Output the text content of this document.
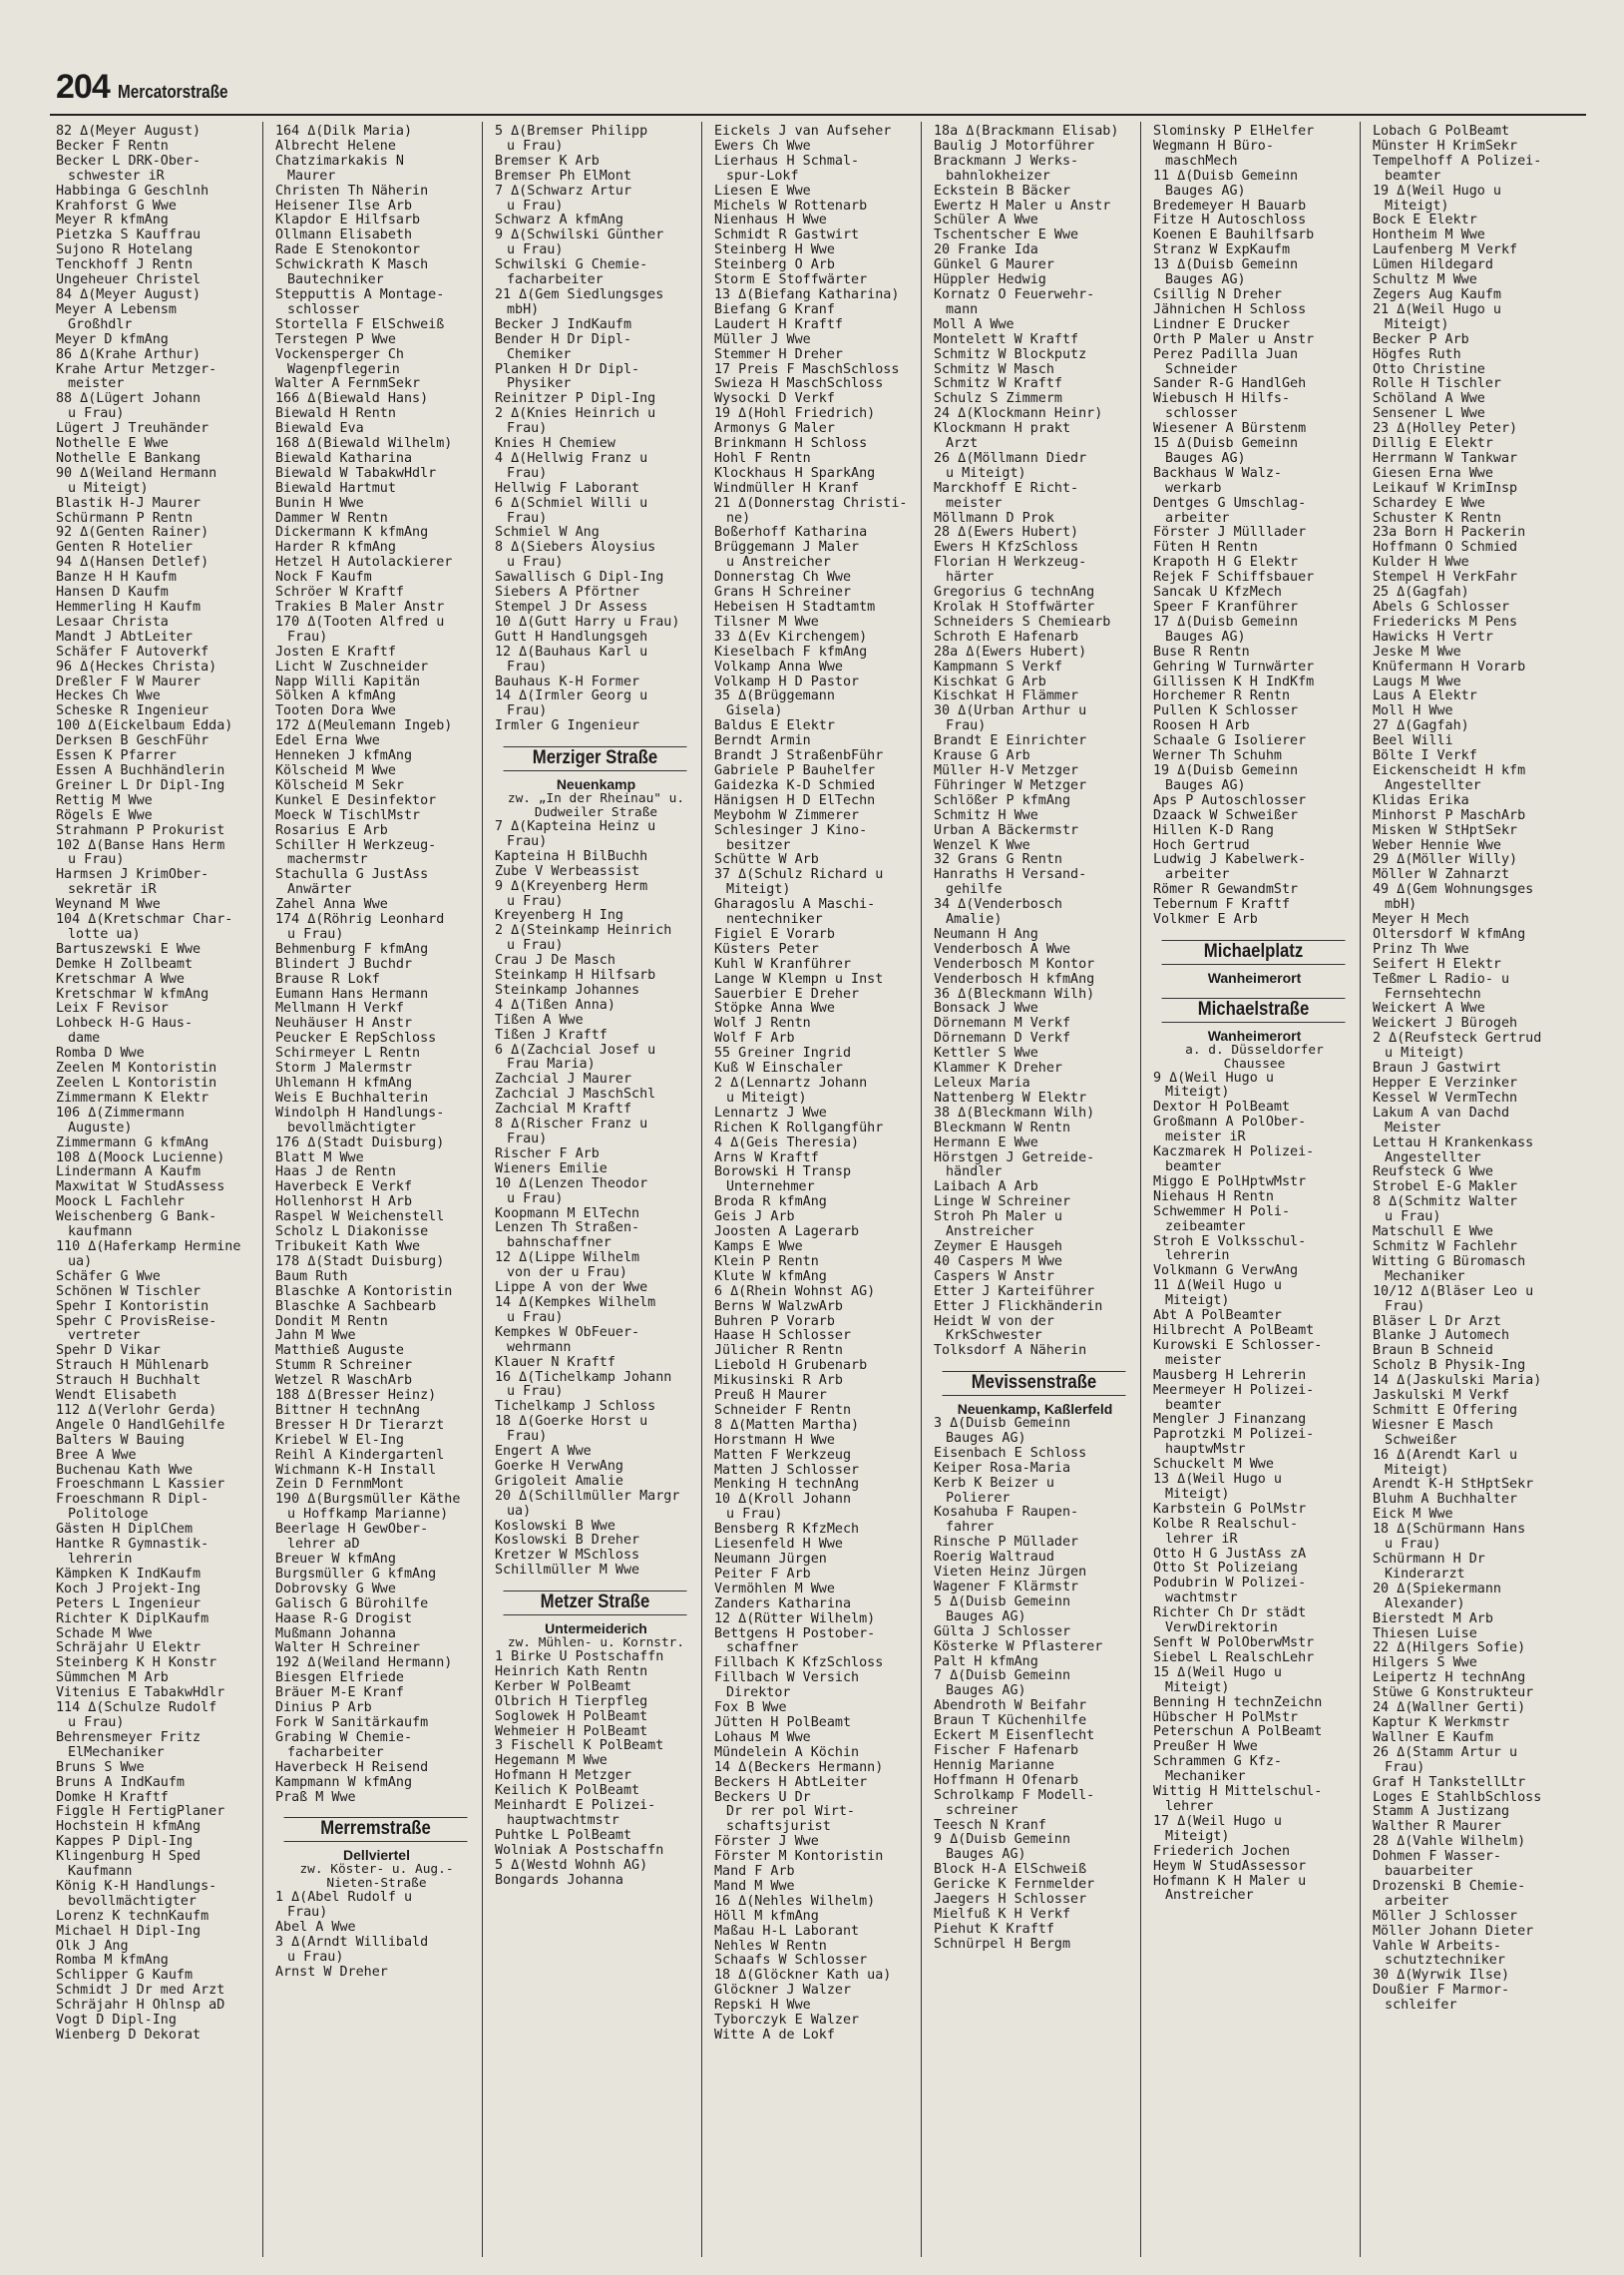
204 Mercatorstraße
82 Δ(Meyer August)
Becker F Rentn
Becker L DRK-Ober-
schwester iR
Habbinga G Geschlnh
Krahforst G Wwe
Meyer R kfmAng
Pietzka S Kauffrau
Sujono R Hotelang
Tenckhoff J Rentn
Ungeheuer Christel
84 Δ(Meyer August)
Meyer A Lebensm
Großhdlr
Meyer D kfmAng
86 Δ(Krahe Arthur)
Krahe Artur Metzger-
meister
88 Δ(Lügert Johann
u Frau)
Lügert J Treuhänder
Nothelle E Wwe
Nothelle E Bankang
90 Δ(Weiland Hermann
u Miteigt)
Blastik H-J Maurer
Schürmann P Rentn
92 Δ(Genten Rainer)
Genten R Hotelier
94 Δ(Hansen Detlef)
Banze H H Kaufm
Hansen D Kaufm
Hemmerling H Kaufm
Lesaar Christa
Mandt J AbtLeiter
Schäfer F Autoverkf
96 Δ(Heckes Christa)
Dreßler F W Maurer
Heckes Ch Wwe
Scheske R Ingenieur
100 Δ(Eickelbaum Edda)
Derksen B GeschFühr
Essen K Pfarrer
Essen A Buchhändlerin
Greiner L Dr Dipl-Ing
Rettig M Wwe
Rögels E Wwe
Strahmann P Prokurist
102 Δ(Banse Hans Herm
u Frau)
Harmsen J KrimOber-
sekretär iR
Weynand M Wwe
104 Δ(Kretschmar Char-
lotte ua)
Bartuszewski E Wwe
Demke H Zollbeamt
Kretschmar A Wwe
Kretschmar W kfmAng
Leix F Revisor
Lohbeck H-G Haus-
dame
Romba D Wwe
Zeelen M Kontoristin
Zeelen L Kontoristin
Zimmermann K Elektr
106 Δ(Zimmermann
Auguste)
Zimmermann G kfmAng
108 Δ(Moock Lucienne)
Lindermann A Kaufm
Maxwitat W StudAssess
Moock L Fachlehr
Weischenberg G Bank-
kaufmann
110 Δ(Haferkamp Hermine
ua)
Schäfer G Wwe
Schönen W Tischler
Spehr I Kontoristin
Spehr C ProvisReise-
vertreter
Spehr D Vikar
Strauch H Mühlenarb
Strauch H Buchhalt
Wendt Elisabeth
112 Δ(Verlohr Gerda)
Angele O HandlGehilfe
Balters W Bauing
Bree A Wwe
Buchenau Kath Wwe
Froeschmann L Kassier
Froeschmann R Dipl-
Politologe
Gästen H DiplChem
Hantke R Gymnastik-
lehrerin
Kämpken K IndKaufm
Koch J Projekt-Ing
Peters L Ingenieur
Richter K DiplKaufm
Schade M Wwe
Schräjahr U Elektr
Steinberg K H Konstr
Sümmchen M Arb
Vitenius E TabakwHdlr
114 Δ(Schulze Rudolf
u Frau)
Behrensmeyer Fritz
ElMechaniker
Bruns S Wwe
Bruns A IndKaufm
Domke H Kraftf
Figgle H FertigPlaner
Hochstein H kfmAng
Kappes P Dipl-Ing
Klingenburg H Sped
Kaufmann
König K-H Handlungs-
bevollmächtigter
Lorenz K technKaufm
Michael H Dipl-Ing
Olk J Ang
Romba M kfmAng
Schlipper G Kaufm
Schmidt J Dr med Arzt
Schräjahr H Ohlnsp aD
Vogt D Dipl-Ing
Wienberg D Dekorat
164 Δ(Dilk Maria)
Albrecht Helene
Chatzimarkakis N
Maurer
Christen Th Näherin
Heisener Ilse Arb
Klapdor E Hilfsarb
Ollmann Elisabeth
Rade E Stenokontor
Schwickrath K Masch
Bautechniker
Stepputtis A Montage-
schlosser
Stortella F ElSchweiß
Terstegen P Wwe
Vockensperger Ch
Wagenpflegerin
Walter A FernmSekr
166 Δ(Biewald Hans)
Biewald H Rentn
Biewald Eva
168 Δ(Biewald Wilhelm)
Biewald Katharina
Biewald W TabakwHdlr
Biewald Hartmut
Bunin H Wwe
Dammer W Rentn
Dickermann K kfmAng
Harder R kfmAng
Hetzel H Autolackierer
Nock F Kaufm
Schröer W Kraftf
Trakies B Maler Anstr
170 Δ(Tooten Alfred u
Frau)
Josten E Kraftf
Licht W Zuschneider
Napp Willi Kapitän
Sölken A kfmAng
Tooten Dora Wwe
172 Δ(Meulemann Ingeb)
Edel Erna Wwe
Henneken J kfmAng
Kölscheid M Wwe
Kölscheid M Sekr
Kunkel E Desinfektor
Moeck W TischlMstr
Rosarius E Arb
Schiller H Werkzeug-
machermstr
Stachulla G JustAss
Anwärter
Zahel Anna Wwe
174 Δ(Röhrig Leonhard
u Frau)
Behmenburg F kfmAng
Blindert J Buchdr
Brause R Lokf
Eumann Hans Hermann
Mellmann H Verkf
Neuhäuser H Anstr
Peucker E RepSchloss
Schirmeyer L Rentn
Storm J Malermstr
Uhlemann H kfmAng
Weis E Buchhalterin
Windolph H Handlungs-
bevollmächtigter
176 Δ(Stadt Duisburg)
Blatt M Wwe
Haas J de Rentn
Haverbeck E Verkf
Hollenhorst H Arb
Raspel W Weichenstell
Scholz L Diakonisse
Tribukeit Kath Wwe
178 Δ(Stadt Duisburg)
Baum Ruth
Blaschke A Kontoristin
Blaschke A Sachbearb
Dondit M Rentn
Jahn M Wwe
Matthieß Auguste
Stumm R Schreiner
Wetzel R WaschArb
188 Δ(Bresser Heinz)
Bittner H technAng
Bresser H Dr Tierarzt
Kriebel W El-Ing
Reihl A Kindergartenl
Wichmann K-H Install
Zein D FernmMont
190 Δ(Burgsmüller Käthe
u Hoffkamp Marianne)
Beerlage H GewOber-
lehrer aD
Breuer W kfmAng
Burgsmüller G kfmAng
Dobrovsky G Wwe
Galisch G Bürohilfe
Haase R-G Drogist
Mußmann Johanna
Walter H Schreiner
192 Δ(Weiland Hermann)
Biesgen Elfriede
Bräuer M-E Kranf
Dinius P Arb
Fork W Sanitärkaufm
Grabing W Chemie-
facharbeiter
Haverbeck H Reisend
Kampmann W kfmAng
Praß M Wwe
Merremstraße
Dellviertel
zw. Köster- u. Aug.-
Nieten-Straße
1 Δ(Abel Rudolf u
Frau)
Abel A Wwe
3 Δ(Arndt Willibald
u Frau)
Arnst W Dreher
5 Δ(Bremser Philipp
u Frau)
Bremser K Arb
Bremser Ph ElMont
7 Δ(Schwarz Artur
u Frau)
Schwarz A kfmAng
9 Δ(Schwilski Günther
u Frau)
Schwilski G Chemie-
facharbeiter
21 Δ(Gem Siedlungsges
mbH)
Becker J IndKaufm
Bender H Dr Dipl-
Chemiker
Planken H Dr Dipl-
Physiker
Reinitzer P Dipl-Ing
2 Δ(Knies Heinrich u
Frau)
Knies H Chemiew
4 Δ(Hellwig Franz u
Frau)
Hellwig F Laborant
6 Δ(Schmiel Willi u
Frau)
Schmiel W Ang
8 Δ(Siebers Aloysius
u Frau)
Sawallisch G Dipl-Ing
Siebers A Pförtner
Stempel J Dr Assess
10 Δ(Gutt Harry u Frau)
Gutt H Handlungsgeh
12 Δ(Bauhaus Karl u
Frau)
Bauhaus K-H Former
14 Δ(Irmler Georg u
Frau)
Irmler G Ingenieur
Merziger Straße
Neuenkamp
zw. „In der Rheinau" u.
Dudweiler Straße
7 Δ(Kapteina Heinz u
Frau)
Kapteina H BilBuchh
Zube V Werbeassist
9 Δ(Kreyenberg Herm
u Frau)
Kreyenberg H Ing
2 Δ(Steinkamp Heinrich
u Frau)
Crau J De Masch
Steinkamp H Hilfsarb
Steinkamp Johannes
4 Δ(Tißen Anna)
Tißen A Wwe
Tißen J Kraftf
6 Δ(Zachcial Josef u
Frau Maria)
Zachcial J Maurer
Zachcial J MaschSchl
Zachcial M Kraftf
8 Δ(Rischer Franz u
Frau)
Rischer F Arb
Wieners Emilie
10 Δ(Lenzen Theodor
u Frau)
Koopmann M ElTechn
Lenzen Th Straßen-
bahnschaffner
12 Δ(Lippe Wilhelm
von der u Frau)
Lippe A von der Wwe
14 Δ(Kempkes Wilhelm
u Frau)
Kempkes W ObFeuer-
wehrmann
Klauer N Kraftf
16 Δ(Tichelkamp Johann
u Frau)
Tichelkamp J Schloss
18 Δ(Goerke Horst u
Frau)
Engert A Wwe
Goerke H VerwAng
Grigoleit Amalie
20 Δ(Schillmüller Margr
ua)
Koslowski B Wwe
Koslowski B Dreher
Kretzer W MSchloss
Schillmüller M Wwe
Metzer Straße
Untermeiderich
zw. Mühlen- u. Kornstr.
1 Birke U Postschaffn
Heinrich Kath Rentn
Kerber W PolBeamt
Olbrich H Tierpfleg
Soglowek H PolBeamt
Wehmeier H PolBeamt
3 Fischell K PolBeamt
Hegemann M Wwe
Hofmann H Metzger
Keilich K PolBeamt
Meinhardt E Polizei-
hauptwachtmstr
Puhtke L PolBeamt
Wolniak A Postschaffn
5 Δ(Westd Wohnh AG)
Bongards Johanna
Eickels J van Aufseher
Ewers Ch Wwe
Lierhaus H Schmal-
spur-Lokf
Liesen E Wwe
Michels W Rottenarb
Nienhaus H Wwe
Schmidt R Gastwirt
Steinberg H Wwe
Steinberg O Arb
Storm E Stoffwärter
13 Δ(Biefang Katharina)
Biefang G Kranf
Laudert H Kraftf
Müller J Wwe
Stemmer H Dreher
17 Preis F MaschSchloss
Swieza H MaschSchloss
Wysocki D Verkf
19 Δ(Hohl Friedrich)
Armonys G Maler
Brinkmann H Schloss
Hohl F Rentn
Klockhaus H SparkAng
Windmüller H Kranf
21 Δ(Donnerstag Christi-
ne)
Boßerhoff Katharina
Brüggemann J Maler
u Anstreicher
Donnerstag Ch Wwe
Grans H Schreiner
Hebeisen H Stadtamtm
Tilsner M Wwe
33 Δ(Ev Kirchengem)
Kieselbach F kfmAng
Volkamp Anna Wwe
Volkamp H D Pastor
35 Δ(Brüggemann
Gisela)
Baldus E Elektr
Berndt Armin
Brandt J StraßenbFühr
Gabriele P Bauhelfer
Gaidezka K-D Schmied
Hänigsen H D ElTechn
Meybohm W Zimmerer
Schlesinger J Kino-
besitzer
Schütte W Arb
37 Δ(Schulz Richard u
Miteigt)
Gharagoslu A Maschi-
nentechniker
Figiel E Vorarb
Küsters Peter
Kuhl W Kranführer
Lange W Klempn u Inst
Sauerbier E Dreher
Stöpke Anna Wwe
Wolf J Rentn
Wolf F Arb
55 Greiner Ingrid
Kuß W Einschaler
2 Δ(Lennartz Johann
u Miteigt)
Lennartz J Wwe
Richen K Rollgangführ
4 Δ(Geis Theresia)
Arns W Kraftf
Borowski H Transp
Unternehmer
Broda R kfmAng
Geis J Arb
Joosten A Lagerarb
Kamps E Wwe
Klein P Rentn
Klute W kfmAng
6 Δ(Rhein Wohnst AG)
Berns W WalzwArb
Buhren P Vorarb
Haase H Schlosser
Jülicher R Rentn
Liebold H Grubenarb
Mikusinski R Arb
Preuß H Maurer
Schneider F Rentn
8 Δ(Matten Martha)
Horstmann H Wwe
Matten F Werkzeug
Matten J Schlosser
Menking H technAng
10 Δ(Kroll Johann
u Frau)
Bensberg R KfzMech
Liesenfeld H Wwe
Neumann Jürgen
Peiter F Arb
Vermöhlen M Wwe
Zanders Katharina
12 Δ(Rütter Wilhelm)
Bettgens H Postober-
schaffner
Fillbach K KfzSchloss
Fillbach W Versich
Direktor
Fox B Wwe
Jütten H PolBeamt
Lohaus M Wwe
Mündelein A Köchin
14 Δ(Beckers Hermann)
Beckers H AbtLeiter
Beckers U Dr
Dr rer pol Wirt-
schaftsjurist
Förster J Wwe
Förster M Kontoristin
Mand F Arb
Mand M Wwe
16 Δ(Nehles Wilhelm)
Höll M kfmAng
Maßau H-L Laborant
Nehles W Rentn
Schaafs W Schlosser
18 Δ(Glöckner Kath ua)
Glöckner J Walzer
Repski H Wwe
Tyborczyk E Walzer
Witte A de Lokf
18a Δ(Brackmann Elisab)
Baulig J Motorführer
Brackmann J Werks-
bahnlokheizer
Eckstein B Bäcker
Ewertz H Maler u Anstr
Schüler A Wwe
Tschentscher E Wwe
20 Franke Ida
Günkel G Maurer
Hüppler Hedwig
Kornatz O Feuerwehr-
mann
Moll A Wwe
Montelett W Kraftf
Schmitz W Blockputz
Schmitz W Masch
Schmitz W Kraftf
Schulz S Zimmerm
24 Δ(Klockmann Heinr)
Klockmann H prakt
Arzt
26 Δ(Möllmann Diedr
u Miteigt)
Marckhoff E Richt-
meister
Möllmann D Prok
28 Δ(Ewers Hubert)
Ewers H KfzSchloss
Florian H Werkzeug-
härter
Gregorius G technAng
Krolak H Stoffwärter
Schneiders S Chemiearb
Schroth E Hafenarb
28a Δ(Ewers Hubert)
Kampmann S Verkf
Kischkat G Arb
Kischkat H Flämmer
30 Δ(Urban Arthur u
Frau)
Brandt E Einrichter
Krause G Arb
Müller H-V Metzger
Führinger W Metzger
Schlößer P kfmAng
Schmitz H Wwe
Urban A Bäckermstr
Wenzel K Wwe
32 Grans G Rentn
Hanraths H Versand-
gehilfe
34 Δ(Venderbosch
Amalie)
Neumann H Ang
Venderbosch A Wwe
Venderbosch M Kontor
Venderbosch H kfmAng
36 Δ(Bleckmann Wilh)
Bonsack J Wwe
Dörnemann M Verkf
Dörnemann D Verkf
Kettler S Wwe
Klammer K Dreher
Leleux Maria
Nattenberg W Elektr
38 Δ(Bleckmann Wilh)
Bleckmann W Rentn
Hermann E Wwe
Hörstgen J Getreide-
händler
Laibach A Arb
Linge W Schreiner
Stroh Ph Maler u
Anstreicher
Zeymer E Hausgeh
40 Caspers M Wwe
Caspers W Anstr
Etter J Karteiführer
Etter J Flickhänderin
Heidt W von der
KrkSchwester
Tolksdorf A Näherin
Mevissenstraße
Neuenkamp, Kaßlerfeld
3 Δ(Duisb Gemeinn
Bauges AG)
Eisenbach E Schloss
Keiper Rosa-Maria
Kerb K Beizer u
Polierer
Kosahuba F Raupen-
fahrer
Rinsche P Müllader
Roerig Waltraud
Vieten Heinz Jürgen
Wagener F Klärmstr
5 Δ(Duisb Gemeinn
Bauges AG)
Gülta J Schlosser
Kösterke W Pflasterer
Palt H kfmAng
7 Δ(Duisb Gemeinn
Bauges AG)
Abendroth W Beifahr
Braun T Küchenhilfe
Eckert M Eisenflecht
Fischer F Hafenarb
Hennig Marianne
Hoffmann H Ofenarb
Schrolkamp F Modell-
schreiner
Teesch N Kranf
9 Δ(Duisb Gemeinn
Bauges AG)
Block H-A ElSchweiß
Gericke K Fernmelder
Jaegers H Schlosser
Mielfuß K H Verkf
Piehut K Kraftf
Schnürpel H Bergm
Slominsky P ElHelfer
Wegmann H Büro-
maschMech
11 Δ(Duisb Gemeinn
Bauges AG)
Bredemeyer H Bauarb
Fitze H Autoschloss
Koenen E Bauhilfsarb
Stranz W ExpKaufm
13 Δ(Duisb Gemeinn
Bauges AG)
Csillig N Dreher
Jähnichen H Schloss
Lindner E Drucker
Orth P Maler u Anstr
Perez Padilla Juan
Schneider
Sander R-G HandlGeh
Wiebusch H Hilfs-
schlosser
Wiesener A Bürstenm
15 Δ(Duisb Gemeinn
Bauges AG)
Backhaus W Walz-
werkarb
Dentges G Umschlag-
arbeiter
Förster J Mülllader
Füten H Rentn
Krapoth H G Elektr
Rejek F Schiffsbauer
Sancak U KfzMech
Speer F Kranführer
17 Δ(Duisb Gemeinn
Bauges AG)
Buse R Rentn
Gehring W Turnwärter
Gillissen K H IndKfm
Horchemer R Rentn
Pullen K Schlosser
Roosen H Arb
Schaale G Isolierer
Werner Th Schuhm
19 Δ(Duisb Gemeinn
Bauges AG)
Aps P Autoschlosser
Dzaack W Schweißer
Hillen K-D Rang
Hoch Gertrud
Ludwig J Kabelwerk-
arbeiter
Römer R GewandmStr
Tebernum F Kraftf
Volkmer E Arb
Michaelplatz
Wanheimerort
Michaelstraße
Wanheimerort
a. d. Düsseldorfer
Chaussee
9 Δ(Weil Hugo u
Miteigt)
Dextor H PolBeamt
Großmann A PolOber-
meister iR
Kaczmarek H Polizei-
beamter
Miggo E PolHptwMstr
Niehaus H Rentn
Schwemmer H Poli-
zeibeamter
Stroh E Volksschul-
lehrerin
Volkmann G VerwAng
11 Δ(Weil Hugo u
Miteigt)
Abt A PolBeamter
Hilbrecht A PolBeamt
Kurowski E Schlosser-
meister
Mausberg H Lehrerin
Meermeyer H Polizei-
beamter
Mengler J Finanzang
Paprotzki M Polizei-
hauptwMstr
Schuckelt M Wwe
13 Δ(Weil Hugo u
Miteigt)
Karbstein G PolMstr
Kolbe R Realschul-
lehrer iR
Otto H G JustAss zA
Otto St Polizeiang
Podubrin W Polizei-
wachtmstr
Richter Ch Dr städt
VerwDirektorin
Senft W PolOberwMstr
Siebel L RealschLehr
15 Δ(Weil Hugo u
Miteigt)
Benning H technZeichn
Hübscher H PolMstr
Peterschun A PolBeamt
Preußer H Wwe
Schrammen G Kfz-
Mechaniker
Wittig H Mittelschul-
lehrer
17 Δ(Weil Hugo u
Miteigt)
Friederich Jochen
Heym W StudAssessor
Hofmann K H Maler u
Anstreicher
Lobach G PolBeamt
Münster H KrimSekr
Tempelhoff A Polizei-
beamter
19 Δ(Weil Hugo u
Miteigt)
Bock E Elektr
Hontheim M Wwe
Laufenberg M Verkf
Lümen Hildegard
Schultz M Wwe
Zegers Aug Kaufm
21 Δ(Weil Hugo u
Miteigt)
Becker P Arb
Högfes Ruth
Otto Christine
Rolle H Tischler
Schöland A Wwe
Sensener L Wwe
23 Δ(Holley Peter)
Dillig E Elektr
Herrmann W Tankwar
Giesen Erna Wwe
Leikauf W KrimInsp
Schardey E Wwe
Schuster K Rentn
23a Born H Packerin
Hoffmann O Schmied
Kulder H Wwe
Stempel H VerkFahr
25 Δ(Gagfah)
Abels G Schlosser
Friedericks M Pens
Hawicks H Vertr
Jeske M Wwe
Knüfermann H Vorarb
Laugs M Wwe
Laus A Elektr
Moll H Wwe
27 Δ(Gagfah)
Beel Willi
Bölte I Verkf
Eickenscheidt H kfm
Angestellter
Klidas Erika
Minhorst P MaschArb
Misken W StHptSekr
Weber Hennie Wwe
29 Δ(Möller Willy)
Möller W Zahnarzt
49 Δ(Gem Wohnungsges
mbH)
Meyer H Mech
Oltersdorf W kfmAng
Prinz Th Wwe
Seifert H Elektr
Teßmer L Radio- u
Fernsehtechn
Weickert A Wwe
Weickert J Bürogeh
2 Δ(Reufsteck Gertrud
u Miteigt)
Braun J Gastwirt
Hepper E Verzinker
Kessel W VermTechn
Lakum A van Dachd
Meister
Lettau H Krankenkass
Angestellter
Reufsteck G Wwe
Strobel E-G Makler
8 Δ(Schmitz Walter
u Frau)
Matschull E Wwe
Schmitz W Fachlehr
Witting G Büromasch
Mechaniker
10/12 Δ(Bläser Leo u
Frau)
Bläser L Dr Arzt
Blanke J Automech
Braun B Schneid
Scholz B Physik-Ing
14 Δ(Jaskulski Maria)
Jaskulski M Verkf
Schmitt E Offering
Wiesner E Masch
Schweißer
16 Δ(Arendt Karl u
Miteigt)
Arendt K-H StHptSekr
Bluhm A Buchhalter
Eick M Wwe
18 Δ(Schürmann Hans
u Frau)
Schürmann H Dr
Kinderarzt
20 Δ(Spiekermann
Alexander)
Bierstedt M Arb
Thiesen Luise
22 Δ(Hilgers Sofie)
Hilgers S Wwe
Leipertz H technAng
Stüwe G Konstrukteur
24 Δ(Wallner Gerti)
Kaptur K Werkmstr
Wallner E Kaufm
26 Δ(Stamm Artur u
Frau)
Graf H TankstellLtr
Loges E StahlbSchloss
Stamm A Justizang
Walther R Maurer
28 Δ(Vahle Wilhelm)
Dohmen F Wasser-
bauarbeiter
Drozenski B Chemie-
arbeiter
Möller J Schlosser
Möller Johann Dieter
Vahle W Arbeits-
schutztechniker
30 Δ(Wyrwik Ilse)
Doußier F Marmor-
schleifer
